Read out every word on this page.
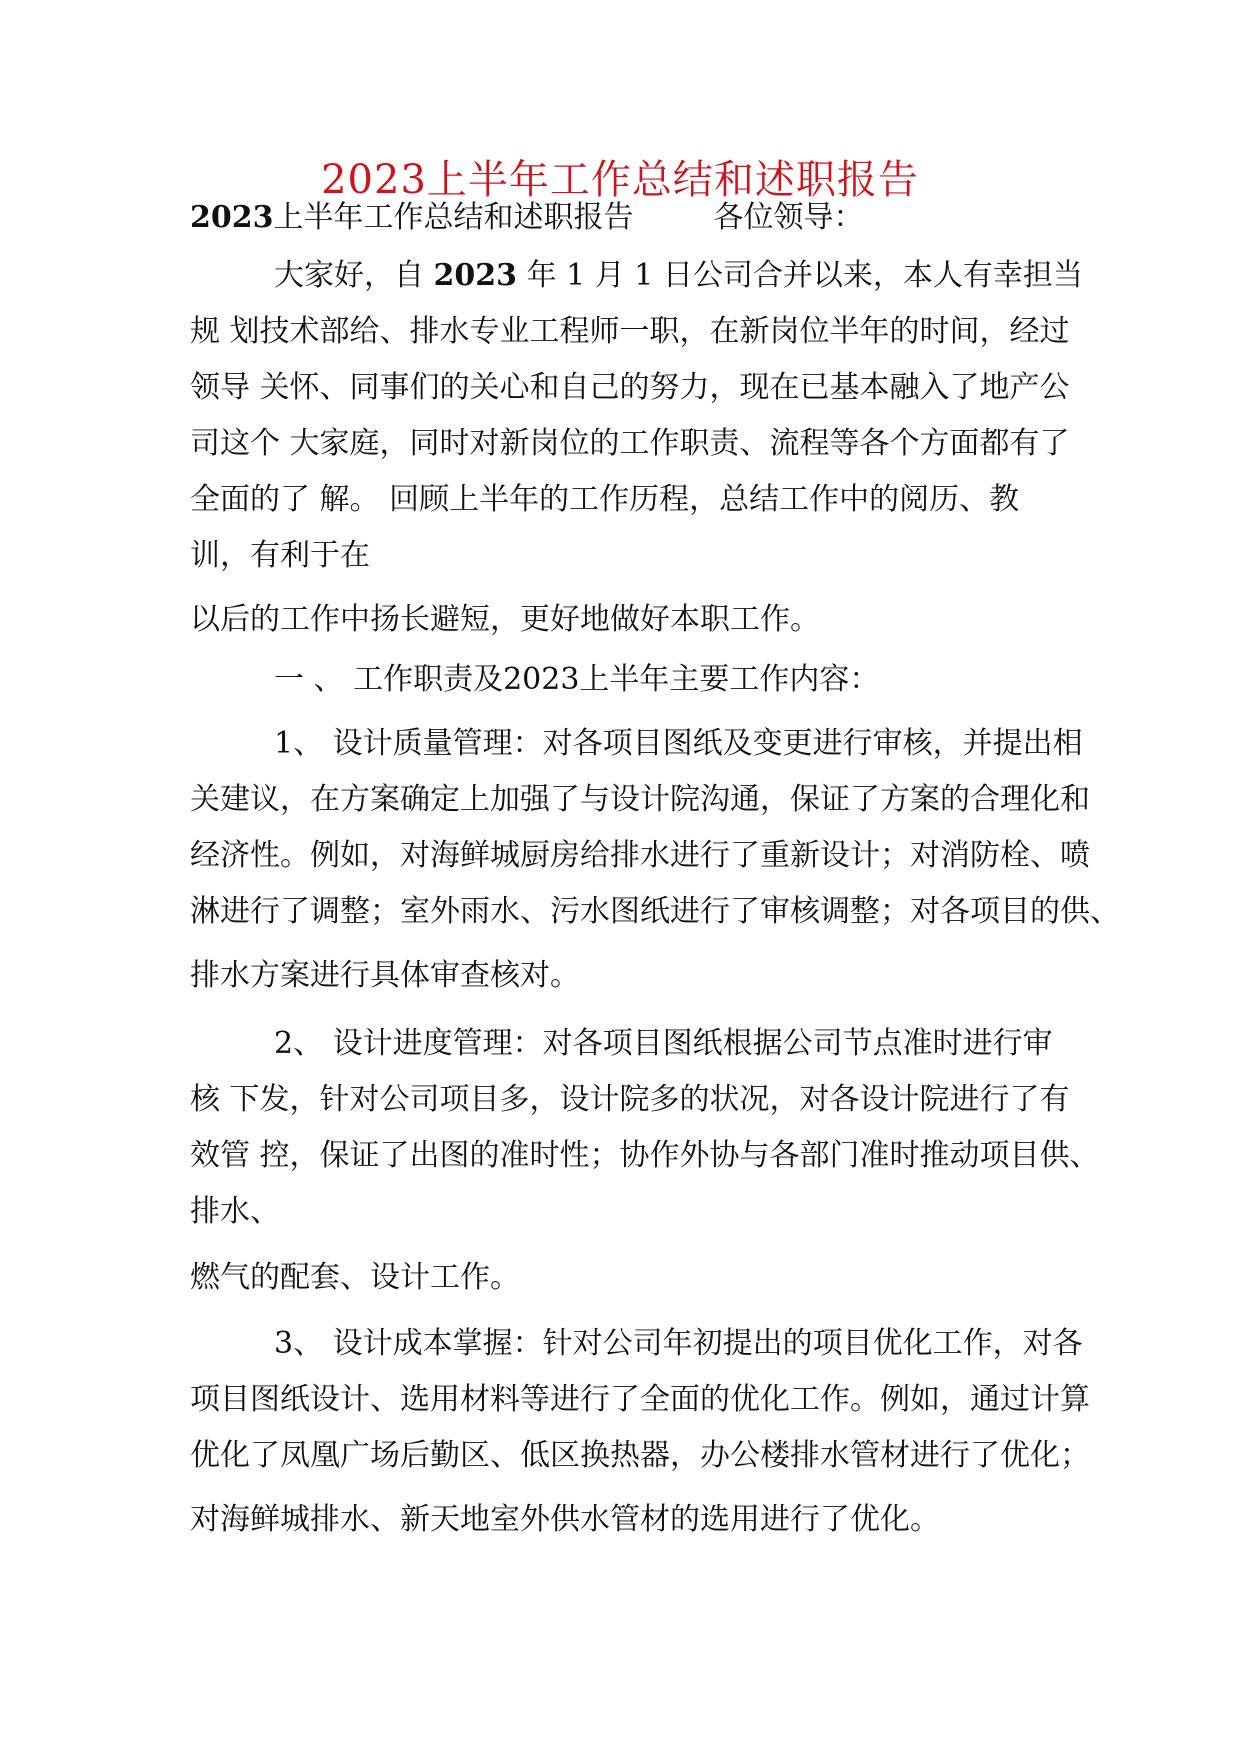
2023上半年工作总结和述职报告
2023上半年工作总结和述职报告	各位领导：
大家好，自 2023 年 1 月 1 日公司合并以来，本人有幸担当
规 划技术部给、排水专业工程师一职，在新岗位半年的时间，经过
领导 关怀、同事们的关心和自己的努力，现在已基本融入了地产公
司这个 大家庭，同时对新岗位的工作职责、流程等各个方面都有了
全面的了 解。 回顾上半年的工作历程，总结工作中的阅历、教
训，有利于在
以后的工作中扬长避短，更好地做好本职工作。
一 、 工作职责及2023上半年主要工作内容：
1、 设计质量管理：对各项目图纸及变更进行审核，并提出相
关建议，在方案确定上加强了与设计院沟通，保证了方案的合理化和
经济性。例如，对海鲜城厨房给排水进行了重新设计；对消防栓、喷
淋进行了调整；室外雨水、污水图纸进行了审核调整；对各项目的供、
排水方案进行具体审查核对。
2、 设计进度管理：对各项目图纸根据公司节点准时进行审
核 下发，针对公司项目多，设计院多的状况，对各设计院进行了有
效管 控，保证了出图的准时性；协作外协与各部门准时推动项目供、
排水、
燃气的配套、设计工作。
3、 设计成本掌握：针对公司年初提出的项目优化工作，对各
项目图纸设计、选用材料等进行了全面的优化工作。例如，通过计算
优化了凤凰广场后勤区、低区换热器，办公楼排水管材进行了优化；
对海鲜城排水、新天地室外供水管材的选用进行了优化。
